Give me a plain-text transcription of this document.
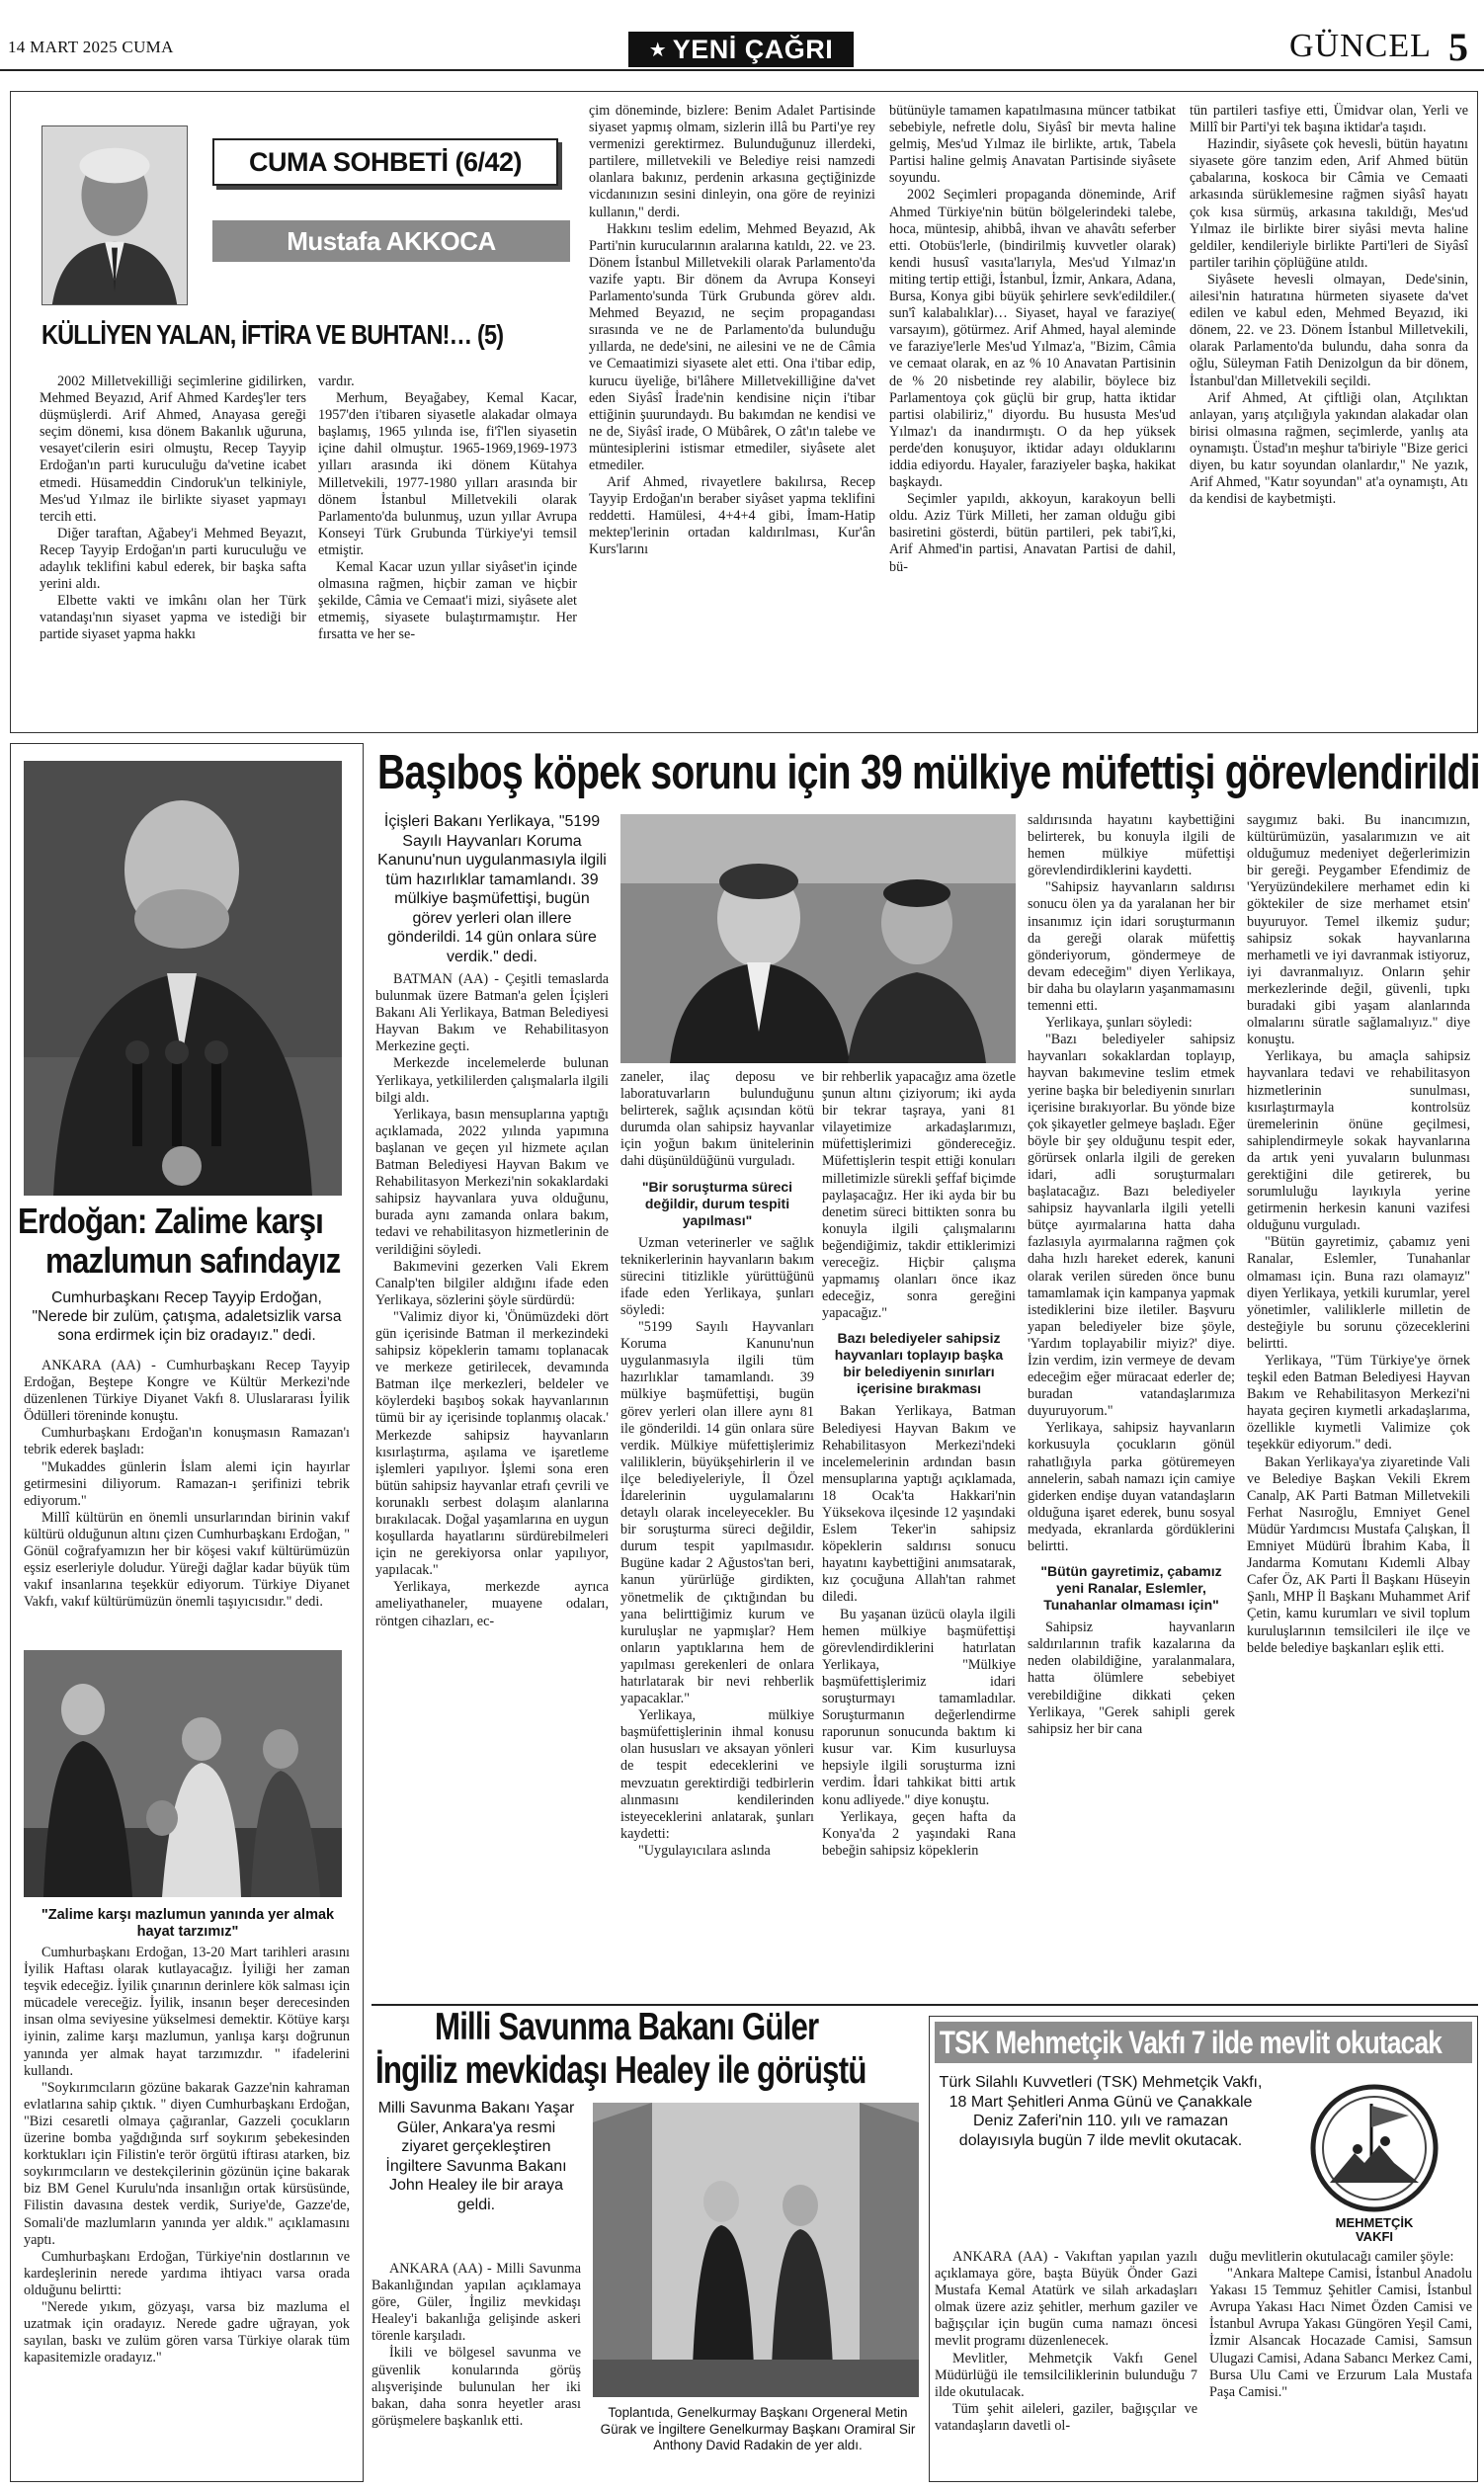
14 MART 2025 CUMA	★ YENİ ÇAĞRI	GÜNCEL 5
CUMA SOHBETİ (6/42)
Mustafa AKKOCA
KÜLLİYEN YALAN, İFTİRA VE BUHTAN!… (5)

2002 Milletvekilliği seçimlerine gidilirken, Mehmed Beyazıd, Arif Ahmed Kardeş'ler ters düşmüşlerdi. Arif Ahmed, Anayasa gereği seçim dönemi, kısa dönem Bakanlık uğuruna, vesayet'cilerin esiri olmuştu, Recep Tayyip Erdoğan'ın parti kuruculuğu da'vetine icabet etmedi. Hüsameddin Cindoruk'un telkiniyle, Mes'ud Yılmaz ile birlikte siyaset yapmayı tercih etti.

Diğer taraftan, Ağabey'i Mehmed Beyazıt, Recep Tayyip Erdoğan'ın parti kuruculuğu ve adaylık teklifini kabul ederek, bir başka safta yerini aldı.

Elbette vakti ve imkânı olan her Türk vatandaşı'nın siyaset yapma ve istediği bir partide siyaset yapma hakkı

vardır.

Merhum, Beyağabey, Kemal Kacar, 1957'den i'tibaren siyasetle alakadar olmaya başlamış, 1965 yılında ise, fi'î'len siyasetin içine dahil olmuştur. 1965-1969,1969-1973 yılları arasında iki dönem Kütahya Milletvekili, 1977-1980 yılları arasında bir dönem İstanbul Milletvekili olarak Parlamento'da bulunmuş, uzun yıllar Avrupa Konseyi Türk Grubunda Türkiye'yi temsil etmiştir.

Kemal Kacar uzun yıllar siyâset'in içinde olmasına rağmen, hiçbir zaman ve hiçbir şekilde, Câmia ve Cemaat'i mizi, siyâsete alet etmemiş, siyasete bulaştırmamıştır. Her fırsatta ve her se-

çim döneminde, bizlere: Benim Adalet Partisinde siyaset yapmış olmam, sizlerin illâ bu Parti'ye rey vermenizi gerektirmez. Bulunduğunuz illerdeki, partilere, milletvekili ve Belediye reisi namzedi olanlara bakınız, perdenin arkasına geçtiğinizde vicdanınızın sesini dinleyin, ona göre de reyinizi kullanın," derdi.

Hakkını teslim edelim, Mehmed Beyazıd, Ak Parti'nin kurucularının aralarına katıldı, 22. ve 23. Dönem İstanbul Milletvekili olarak Parlamento'da vazife yaptı. Bir dönem da Avrupa Konseyi Parlamento'sunda Türk Grubunda görev aldı. Mehmed Beyazıd, ne seçim propagandası sırasında ve ne de Parlamento'da bulunduğu yıllarda, ne dede'sini, ne ailesini ve ne de Câmia ve Cemaatimizi siyasete alet etti. Ona i'tibar edip, kurucu üyeliğe, bi'lâhere Milletvekilliğine da'vet eden Siyâsî İrade'nin kendisine niçin i'tibar ettiğinin şuurundaydı. Bu bakımdan ne kendisi ve ne de, Siyâsî irade, O Mübârek, O zât'ın talebe ve müntesiplerini istismar etmediler, siyâsete alet etmediler.

Arif Ahmed, rivayetlere bakılırsa, Recep Tayyip Erdoğan'ın beraber siyâset yapma teklifini reddetti. Hamülesi, 4+4+4 gibi, İmam-Hatip mektep'lerinin ortadan kaldırılması, Kur'ân Kurs'larını

bütünüyle tamamen kapatılmasına müncer tatbikat sebebiyle, nefretle dolu, Siyâsî bir mevta haline gelmiş, Mes'ud Yılmaz ile birlikte, artık, Tabela Partisi haline gelmiş Anavatan Partisinde siyâsete soyundu.

2002 Seçimleri propaganda döneminde, Arif Ahmed Türkiye'nin bütün bölgelerindeki talebe, hoca, müntesip, ahibbâ, ihvan ve ahavâtı seferber etti. Otobüs'lerle, (bindirilmiş kuvvetler olarak) kendi hususî vasıta'larıyla, Mes'ud Yılmaz'ın miting tertip ettiği, İstanbul, İzmir, Ankara, Adana, Bursa, Konya gibi büyük şehirlere sevk'edildiler.( sun'î kalabalıklar)… Siyaset, hayal ve faraziye( varsayım), götürmez. Arif Ahmed, hayal aleminde ve faraziye'lerle Mes'ud Yılmaz'a, "Bizim, Câmia ve cemaat olarak, en az % 10 Anavatan Partisinin de % 20 nisbetinde rey alabilir, böylece biz Parlamentoya çok güçlü bir grup, hatta iktidar partisi olabiliriz," diyordu. Bu hususta Mes'ud Yılmaz'ı da inandırmıştı. O da hep yüksek perde'den konuşuyor, iktidar adayı olduklarını iddia ediyordu. Hayaler, faraziyeler başka, hakikat başkaydı.

Seçimler yapıldı, akkoyun, karakoyun belli oldu. Aziz Türk Milleti, her zaman olduğu gibi basiretini gösterdi, bütün partileri, pek tabi'î,ki, Arif Ahmed'in partisi, Anavatan Partisi de dahil, bü-

tün partileri tasfiye etti, Ümidvar olan, Yerli ve Millî bir Parti'yi tek başına iktidar'a taşıdı.

Hazindir, siyâsete çok hevesli, bütün hayatını siyasete göre tanzim eden, Arif Ahmed bütün çabalarına, koskoca bir Câmia ve Cemaati arkasında sürüklemesine rağmen siyâsî hayatı çok kısa sürmüş, arkasına takıldığı, Mes'ud Yılmaz ile birlikte birer siyâsi mevta haline geldiler, kendileriyle birlikte Parti'leri de Siyâsî partiler tarihin çöplüğüne atıldı.

Siyâsete hevesli olmayan, Dede'sinin, ailesi'nin hatıratına hürmeten siyasete da'vet edilen ve kabul eden, Mehmed Beyazıd, iki dönem, 22. ve 23. Dönem İstanbul Milletvekili, olarak Parlamento'da bulundu, daha sonra da oğlu, Süleyman Fatih Denizolgun da bir dönem, İstanbul'dan Milletvekili seçildi.

Arif Ahmed, At çiftliği olan, Atçılıktan anlayan, yarış atçılığıyla yakından alakadar olan birisi olmasına rağmen, seçimlerde, yanlış ata oynamıştı. Üstad'ın meşhur ta'biriyle "Bize gerici diyen, bu katır soyundan olanlardır," Ne yazık, Arif Ahmed, "Katır soyundan" at'a oynamıştı, Atı da kendisi de kaybetmişti.

Erdoğan: Zalime karşı
mazlumun safındayız
Cumhurbaşkanı Recep Tayyip Erdoğan, "Nerede bir zulüm, çatışma, adaletsizlik varsa sona erdirmek için biz oradayız." dedi.

ANKARA (AA) - Cumhurbaşkanı Recep Tayyip Erdoğan, Beştepe Kongre ve Kültür Merkezi'nde düzenlenen Türkiye Diyanet Vakfı 8. Uluslararası İyilik Ödülleri töreninde konuştu.

Cumhurbaşkanı Erdoğan'ın konuşmasın Ramazan'ı tebrik ederek başladı:

"Mukaddes günlerin İslam alemi için hayırlar getirmesini diliyorum. Ramazan-ı şerifinizi tebrik ediyorum."

Millî kültürün en önemli unsurlarından birinin vakıf kültürü olduğunun altını çizen Cumhurbaşkanı Erdoğan, " Gönül coğrafyamızın her bir köşesi vakıf kültürümüzün eşsiz eserleriyle doludur. Yüreği dağlar kadar büyük tüm vakıf insanlarına teşekkür ediyorum. Türkiye Diyanet Vakfı, vakıf kültürümüzün önemli taşıyıcısıdır." dedi.

"Zalime karşı mazlumun yanında yer almak hayat tarzımız"

Cumhurbaşkanı Erdoğan, 13-20 Mart tarihleri arasını İyilik Haftası olarak kutlayacağız. İyiliği her zaman teşvik edeceğiz. İyilik çınarının derinlere kök salması için mücadele vereceğiz. İyilik, insanın beşer derecesinden insan olma seviyesine yükselmesi demektir. Kötüye karşı iyinin, zalime karşı mazlumun, yanlışa karşı doğrunun yanında yer almak hayat tarzımızdır. " ifadelerini kullandı.

"Soykırımcıların gözüne bakarak Gazze'nin kahraman evlatlarına sahip çıktık. " diyen Cumhurbaşkanı Erdoğan, "Bizi cesaretli olmaya çağıranlar, Gazzeli çocukların üzerine bomba yağdığında sırf soykırım şebekesinden korktukları için Filistin'e terör örgütü iftirası atarken, biz soykırımcıların ve destekçilerinin gözünün içine bakarak biz BM Genel Kurulu'nda insanlığın ortak kürsüsünde, Filistin davasına destek verdik, Suriye'de, Gazze'de, Somali'de mazlumların yanında yer aldık." açıklamasını yaptı.

Cumhurbaşkanı Erdoğan, Türkiye'nin dostlarının ve kardeşlerinin nerede yardıma ihtiyacı varsa orada olduğunu belirtti:

"Nerede yıkım, gözyaşı, varsa biz mazluma el uzatmak için oradayız. Nerede gadre uğrayan, yok sayılan, baskı ve zulüm gören varsa Türkiye olarak tüm kapasitemizle oradayız."

Başıboş köpek sorunu için 39 mülkiye müfettişi görevlendirildi
İçişleri Bakanı Yerlikaya, "5199 Sayılı Hayvanları Koruma Kanunu'nun uygulanmasıyla ilgili tüm hazırlıklar tamamlandı. 39 mülkiye başmüfettişi, bugün görev yerleri olan illere gönderildi. 14 gün onlara süre verdik." dedi.

BATMAN (AA) - Çeşitli temaslarda bulunmak üzere Batman'a gelen İçişleri Bakanı Ali Yerlikaya, Batman Belediyesi Hayvan Bakım ve Rehabilitasyon Merkezine geçti.

Merkezde incelemelerde bulunan Yerlikaya, yetkililerden çalışmalarla ilgili bilgi aldı.

Yerlikaya, basın mensuplarına yaptığı açıklamada, 2022 yılında yapımına başlanan ve geçen yıl hizmete açılan Batman Belediyesi Hayvan Bakım ve Rehabilitasyon Merkezi'nin sokaklardaki sahipsiz hayvanlara yuva olduğunu, burada aynı zamanda onlara bakım, tedavi ve rehabilitasyon hizmetlerinin de verildiğini söyledi.

Bakımevini gezerken Vali Ekrem Canalp'ten bilgiler aldığını ifade eden Yerlikaya, sözlerini şöyle sürdürdü:

"Valimiz diyor ki, 'Önümüzdeki dört gün içerisinde Batman il merkezindeki sahipsiz köpeklerin tamamı toplanacak ve merkeze getirilecek, devamında Batman ilçe merkezleri, beldeler ve köylerdeki başıboş sokak hayvanlarının tümü bir ay içerisinde toplanmış olacak.' Merkezde sahipsiz hayvanların kısırlaştırma, aşılama ve işaretleme işlemleri yapılıyor. İşlemi sona eren bütün sahipsiz hayvanlar etrafı çevrili ve korunaklı serbest dolaşım alanlarına bırakılacak. Doğal yaşamlarına en uygun koşullarda hayatlarını sürdürebilmeleri için ne gerekiyorsa onlar yapılıyor, yapılacak."

Yerlikaya, merkezde ayrıca ameliyathaneler, muayene odaları, röntgen cihazları, ec-

zaneler, ilaç deposu ve laboratuvarların bulunduğunu belirterek, sağlık açısından kötü durumda olan sahipsiz hayvanlar için yoğun bakım ünitelerinin dahi düşünüldüğünü vurguladı.

"Bir soruşturma süreci değildir, durum tespiti yapılması"

Uzman veterinerler ve sağlık teknikerlerinin hayvanların bakım sürecini titizlikle yürüttüğünü ifade eden Yerlikaya, şunları söyledi:

"5199 Sayılı Hayvanları Koruma Kanunu'nun uygulanmasıyla ilgili tüm hazırlıklar tamamlandı. 39 mülkiye başmüfettişi, bugün görev yerleri olan illere aynı 81 ile gönderildi. 14 gün onlara süre verdik. Mülkiye müfettişlerimiz valiliklerin, büyükşehirlerin il ve ilçe belediyeleriyle, İl Özel İdarelerinin uygulamalarını detaylı olarak inceleyecekler. Bu bir soruşturma süreci değildir, durum tespit yapılmasıdır. Bugüne kadar 2 Ağustos'tan beri, kanun yürürlüğe girdikten, yönetmelik de çıktığından bu yana belirttiğimiz kurum ve kuruluşlar ne yapmışlar? Hem onların yaptıklarına hem de yapılması gerekenleri de onlara hatırlatarak bir nevi rehberlik yapacaklar."

Yerlikaya, mülkiye başmüfettişlerinin ihmal konusu olan hususları ve aksayan yönleri de tespit edeceklerini ve mevzuatın gerektirdiği tedbirlerin alınmasını kendilerinden isteyeceklerini anlatarak, şunları kaydetti:

"Uygulayıcılara aslında

bir rehberlik yapacağız ama özetle şunun altını çiziyorum; iki ayda bir tekrar taşraya, yani 81 vilayetimize arkadaşlarımızı, müfettişlerimizi göndereceğiz. Müfettişlerin tespit ettiği konuları milletimizle sürekli şeffaf biçimde paylaşacağız. Her iki ayda bir bu denetim süreci bittikten sonra bu konuyla ilgili çalışmalarını beğendiğimiz, takdir ettiklerimizi vereceğiz. Hiçbir çalışma yapmamış olanları önce ikaz edeceğiz, sonra gereğini yapacağız."

Bazı belediyeler sahipsiz hayvanları toplayıp başka bir belediyenin sınırları içerisine bırakması

Bakan Yerlikaya, Batman Belediyesi Hayvan Bakım ve Rehabilitasyon Merkezi'ndeki incelemelerinin ardından basın mensuplarına yaptığı açıklamada, 18 Ocak'ta Hakkari'nin Yüksekova ilçesinde 12 yaşındaki Eslem Teker'in sahipsiz köpeklerin saldırısı sonucu hayatını kaybettiğini anımsatarak, kız çocuğuna Allah'tan rahmet diledi.

Bu yaşanan üzücü olayla ilgili hemen mülkiye başmüfettişi görevlendirdiklerini hatırlatan Yerlikaya, "Mülkiye başmüfettişlerimiz idari soruşturmayı tamamladılar. Soruşturmanın değerlendirme raporunun sonucunda baktım ki kusur var. Kim kusurluysa hepsiyle ilgili soruşturma izni verdim. İdari tahkikat bitti artık konu adliyede." diye konuştu.

Yerlikaya, geçen hafta da Konya'da 2 yaşındaki Rana bebeğin sahipsiz köpeklerin

saldırısında hayatını kaybettiğini belirterek, bu konuyla ilgili de hemen mülkiye müfettişi görevlendirdiklerini kaydetti.

"Sahipsiz hayvanların saldırısı sonucu ölen ya da yaralanan her bir insanımız için idari soruşturmanın da gereği olarak müfettiş gönderiyorum, göndermeye de devam edeceğim" diyen Yerlikaya, bir daha bu olayların yaşanmamasını temenni etti.

Yerlikaya, şunları söyledi:

"Bazı belediyeler sahipsiz hayvanları sokaklardan toplayıp, hayvan bakımevine teslim etmek yerine başka bir belediyenin sınırları içerisine bırakıyorlar. Bu yönde bize çok şikayetler gelmeye başladı. Eğer böyle bir şey olduğunu tespit eder, görürsek onlarla ilgili de gereken idari, adli soruşturmaları başlatacağız. Bazı belediyeler sahipsiz hayvanlarla ilgili yetelli bütçe ayırmalarına hatta daha fazlasıyla ayırmalarına rağmen çok daha hızlı hareket ederek, kanuni olarak verilen süreden önce bunu tamamlamak için kampanya yapmak istediklerini bize iletiler. Başvuru yapan belediyeler bize şöyle, 'Yardım toplayabilir miyiz?' diye. İzin verdim, izin vermeye de devam edeceğim eğer müracaat ederler de; buradan vatandaşlarımıza duyuruyorum."

Yerlikaya, sahipsiz hayvanların korkusuyla çocukların gönül rahatlığıyla parka götüremeyen annelerin, sabah namazı için camiye giderken endişe duyan vatandaşların olduğuna işaret ederek, bunu sosyal medyada, ekranlarda gördüklerini belirtti.

"Bütün gayretimiz, çabamız yeni Ranalar, Eslemler, Tunahanlar olmaması için"

Sahipsiz hayvanların saldırılarının trafik kazalarına da neden olabildiğine, yaralanmalara, hatta ölümlere sebebiyet verebildiğine dikkati çeken Yerlikaya, "Gerek sahipli gerek sahipsiz her bir cana

saygımız baki. Bu inancımızın, kültürümüzün, yasalarımızın ve ait olduğumuz medeniyet değerlerimizin bir gereği. Peygamber Efendimiz de 'Yeryüzündekilere merhamet edin ki göktekiler de size merhamet etsin' buyuruyor. Temel ilkemiz şudur; sahipsiz sokak hayvanlarına merhametli ve iyi davranmak istiyoruz, iyi davranmalıyız. Onların şehir merkezlerinde değil, güvenli, tıpkı buradaki gibi yaşam alanlarında olmalarını süratle sağlamalıyız." diye konuştu.

Yerlikaya, bu amaçla sahipsiz hayvanlara tedavi ve rehabilitasyon hizmetlerinin sunulması, kısırlaştırmayla kontrolsüz üremelerinin önüne geçilmesi, sahiplendirmeyle sokak hayvanlarına da artık yeni yuvaların bulunması gerektiğini dile getirerek, bu sorumluluğu layıkıyla yerine getirmenin herkesin kanuni vazifesi olduğunu vurguladı.

"Bütün gayretimiz, çabamız yeni Ranalar, Eslemler, Tunahanlar olmaması için. Buna razı olamayız" diyen Yerlikaya, yetkili kurumlar, yerel yönetimler, valiliklerle milletin de desteğiyle bu sorunu çözeceklerini belirtti.

Yerlikaya, "Tüm Türkiye'ye örnek teşkil eden Batman Belediyesi Hayvan Bakım ve Rehabilitasyon Merkezi'ni hayata geçiren kıymetli arkadaşlarıma, özellikle kıymetli Valimize çok teşekkür ediyorum." dedi.

Bakan Yerlikaya'ya ziyaretinde Vali ve Belediye Başkan Vekili Ekrem Canalp, AK Parti Batman Milletvekili Ferhat Nasıroğlu, Emniyet Genel Müdür Yardımcısı Mustafa Çalışkan, İl Emniyet Müdürü İbrahim Kaba, İl Jandarma Komutanı Kıdemli Albay Cafer Öz, AK Parti İl Başkanı Hüseyin Şanlı, MHP İl Başkanı Muhammet Arif Çetin, kamu kurumları ve sivil toplum kuruluşlarının temsilcileri ile ilçe ve belde belediye başkanları eşlik etti.

Milli Savunma Bakanı Güler
İngiliz mevkidaşı Healey ile görüştü
Milli Savunma Bakanı Yaşar Güler, Ankara'ya resmi ziyaret gerçekleştiren İngiltere Savunma Bakanı John Healey ile bir araya geldi.

ANKARA (AA) - Milli Savunma Bakanlığından yapılan açıklamaya göre, Güler, İngiliz mevkidaşı Healey'i bakanlığa gelişinde askeri törenle karşıladı.

İkili ve bölgesel savunma ve güvenlik konularında görüş alışverişinde bulunulan her iki bakan, daha sonra heyetler arası görüşmelere başkanlık etti.

Toplantıda, Genelkurmay Başkanı Orgeneral Metin Gürak ve İngiltere Genelkurmay Başkanı Oramiral Sir Anthony David Radakin de yer aldı.
TSK Mehmetçik Vakfı 7 ilde mevlit okutacak
Türk Silahlı Kuvvetleri (TSK) Mehmetçik Vakfı, 18 Mart Şehitleri Anma Günü ve Çanakkale Deniz Zaferi'nin 110. yılı ve ramazan dolayısıyla bugün 7 ilde mevlit okutacak.
MEHMETÇİK VAKFI

ANKARA (AA) - Vakıftan yapılan yazılı açıklamaya göre, başta Büyük Önder Gazi Mustafa Kemal Atatürk ve silah arkadaşları olmak üzere aziz şehitler, merhum gaziler ve bağışçılar için bugün cuma namazı öncesi mevlit programı düzenlenecek.

Mevlitler, Mehmetçik Vakfı Genel Müdürlüğü ile temsilciliklerinin bulunduğu 7 ilde okutulacak.

Tüm şehit aileleri, gaziler, bağışçılar ve vatandaşların davetli ol-

duğu mevlitlerin okutulacağı camiler şöyle:

"Ankara Maltepe Camisi, İstanbul Anadolu Yakası 15 Temmuz Şehitler Camisi, İstanbul Avrupa Yakası Hacı Nimet Özden Camisi ve İstanbul Avrupa Yakası Güngören Yeşil Cami, İzmir Alsancak Hocazade Camisi, Samsun Ulugazi Camisi, Adana Sabancı Merkez Cami, Bursa Ulu Cami ve Erzurum Lala Mustafa Paşa Camisi."
